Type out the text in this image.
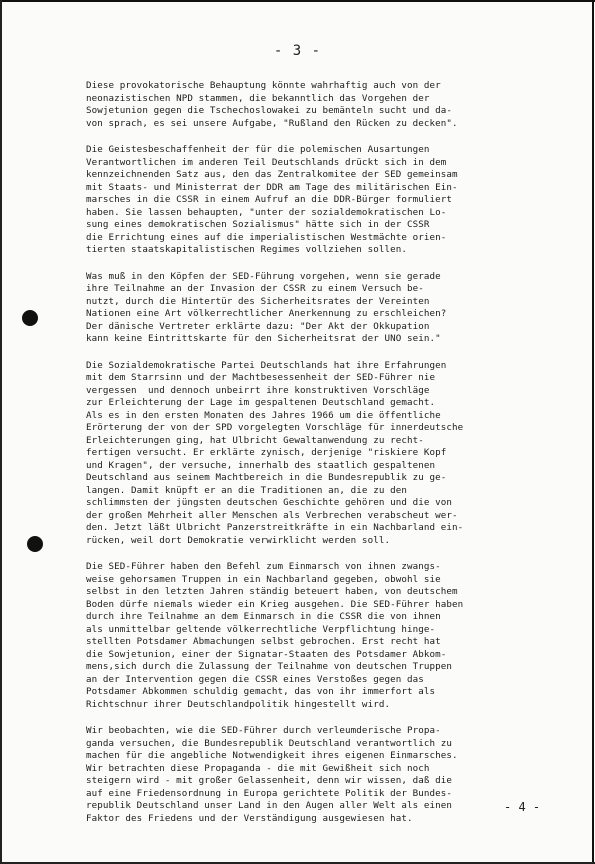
- 3 -
Diese provokatorische Behauptung könnte wahrhaftig auch von der
neonazistischen NPD stammen, die bekanntlich das Vorgehen der
Sowjetunion gegen die Tschechoslowakei zu bemänteln sucht und da-
von sprach, es sei unsere Aufgabe, "Rußland den Rücken zu decken".
Die Geistesbeschaffenheit der für die polemischen Ausartungen
Verantwortlichen im anderen Teil Deutschlands drückt sich in dem
kennzeichnenden Satz aus, den das Zentralkomitee der SED gemeinsam
mit Staats- und Ministerrat der DDR am Tage des militärischen Ein-
marsches in die CSSR in einem Aufruf an die DDR-Bürger formuliert
haben. Sie lassen behaupten, "unter der sozialdemokratischen Lo-
sung eines demokratischen Sozialismus" hätte sich in der CSSR
die Errichtung eines auf die imperialistischen Westmächte orien-
tierten staatskapitalistischen Regimes vollziehen sollen.
Was muß in den Köpfen der SED-Führung vorgehen, wenn sie gerade
ihre Teilnahme an der Invasion der CSSR zu einem Versuch be-
nutzt, durch die Hintertür des Sicherheitsrates der Vereinten
Nationen eine Art völkerrechtlicher Anerkennung zu erschleichen?
Der dänische Vertreter erklärte dazu: "Der Akt der Okkupation
kann keine Eintrittskarte für den Sicherheitsrat der UNO sein."
Die Sozialdemokratische Partei Deutschlands hat ihre Erfahrungen
mit dem Starrsinn und der Machtbesessenheit der SED-Führer nie
vergessen  und dennoch unbeirrt ihre konstruktiven Vorschläge
zur Erleichterung der Lage im gespaltenen Deutschland gemacht.
Als es in den ersten Monaten des Jahres 1966 um die öffentliche
Erörterung der von der SPD vorgelegten Vorschläge für innerdeutsche
Erleichterungen ging, hat Ulbricht Gewaltanwendung zu recht-
fertigen versucht. Er erklärte zynisch, derjenige "riskiere Kopf
und Kragen", der versuche, innerhalb des staatlich gespaltenen
Deutschland aus seinem Machtbereich in die Bundesrepublik zu ge-
langen. Damit knüpft er an die Traditionen an, die zu den
schlimmsten der jüngsten deutschen Geschichte gehören und die von
der großen Mehrheit aller Menschen als Verbrechen verabscheut wer-
den. Jetzt läßt Ulbricht Panzerstreitkräfte in ein Nachbarland ein-
rücken, weil dort Demokratie verwirklicht werden soll.
Die SED-Führer haben den Befehl zum Einmarsch von ihnen zwangs-
weise gehorsamen Truppen in ein Nachbarland gegeben, obwohl sie
selbst in den letzten Jahren ständig beteuert haben, von deutschem
Boden dürfe niemals wieder ein Krieg ausgehen. Die SED-Führer haben
durch ihre Teilnahme an dem Einmarsch in die CSSR die von ihnen
als unmittelbar geltende völkerrechtliche Verpflichtung hinge-
stellten Potsdamer Abmachungen selbst gebrochen. Erst recht hat
die Sowjetunion, einer der Signatar-Staaten des Potsdamer Abkom-
mens,sich durch die Zulassung der Teilnahme von deutschen Truppen
an der Intervention gegen die CSSR eines Verstoßes gegen das
Potsdamer Abkommen schuldig gemacht, das von ihr immerfort als
Richtschnur ihrer Deutschlandpolitik hingestellt wird.
Wir beobachten, wie die SED-Führer durch verleumderische Propa-
ganda versuchen, die Bundesrepublik Deutschland verantwortlich zu
machen für die angebliche Notwendigkeit ihres eigenen Einmarsches.
Wir betrachten diese Propaganda - die mit Gewißheit sich noch
steigern wird - mit großer Gelassenheit, denn wir wissen, daß die
auf eine Friedensordnung in Europa gerichtete Politik der Bundes-
republik Deutschland unser Land in den Augen aller Welt als einen
Faktor des Friedens und der Verständigung ausgewiesen hat.
- 4 -
